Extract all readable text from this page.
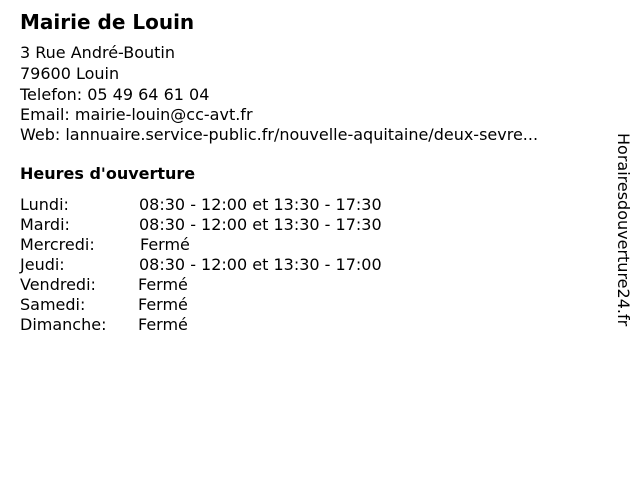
Mairie de Louin
3 Rue André-Boutin
79600 Louin
Telefon: 05 49 64 61 04
Email: mairie-louin@cc-avt.fr
Web: lannuaire.service-public.fr/nouvelle-aquitaine/deux-sevre...
Heures d'ouverture
Lundi:	08:30 - 12:00 et 13:30 - 17:30
Mardi:	08:30 - 12:00 et 13:30 - 17:30
Mercredi:	Fermé
Jeudi:	08:30 - 12:00 et 13:30 - 17:00
Vendredi:	Fermé
Samedi:	Fermé
Dimanche: Fermé	Horairesdouverture24.fr
